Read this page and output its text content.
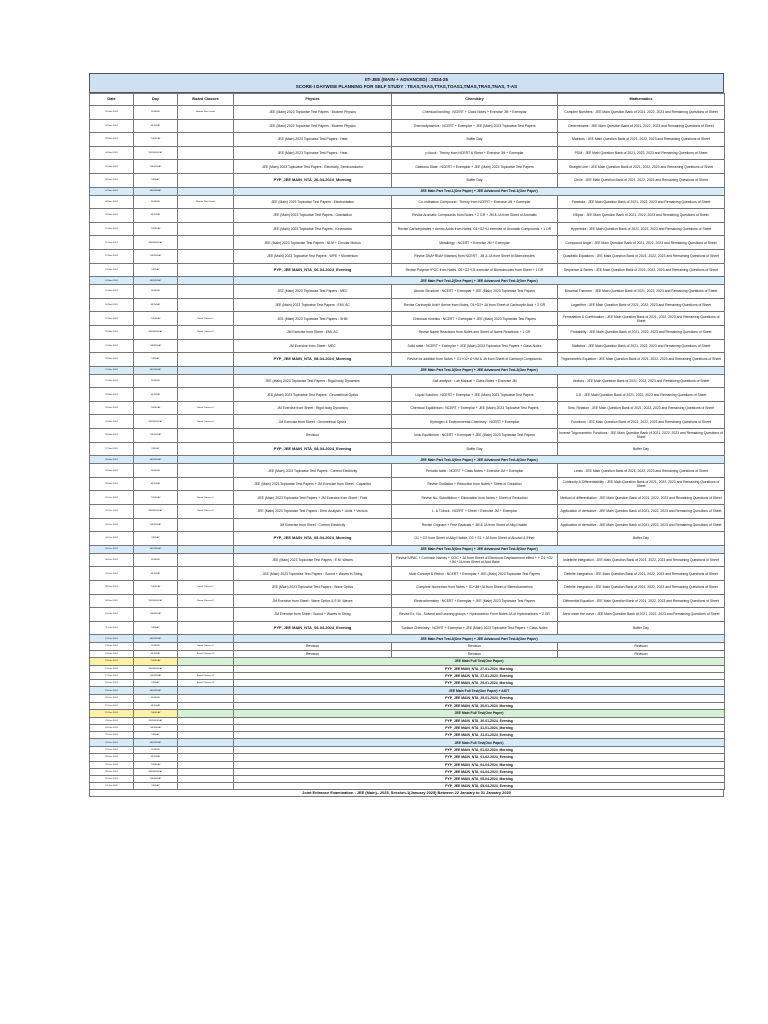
IIT-JEE (MAIN + ADVANCED) : 2024-25
SCORE-I DAYWISE PLANNING FOR SELF STUDY : TEAS,TAAS,TTAS,TOAS1,TMAS,TRAS,TNAS, T-AS
Date	Day	Board Classes	Physics	Chemistry	Mathematics
01-Nov-2024	SUNDAY	Module Wise Doubt	JEE (Main) 2023 Topicwise Test Papers : Modern Physics	Chemical bonding : NCERT + Class Notes + Exercise JM + Exemplar	Complex Numbers : JEE Main Question Bank of 2021, 2022, 2023 and Remaining Questions of Sheet
02-Nov-2024	MONDAY		JEE (Main) 2023 Topicwise Test Papers : Modern Physics	Thermodynamics : NCERT + Exemplar + JEE (Main) 2023 Topicwise Test Papers	Determinants : JEE Main Question Bank of 2021, 2022, 2023 and Remaining Questions of Sheet
03-Nov-2024	TUESDAY		JEE (Main) 2023 Topicwise Test Papers : Heat	Buffer Day	Matrices : JEE Main Question Bank of 2021, 2022, 2023 and Remaining Questions of Sheet
04-Nov-2024	WEDNESDAY		JEE (Main) 2023 Topicwise Test Papers : Heat	p-block : Theory from NCERT & Sheet + Exercise JM + Exemplar	PDM : JEE Main Question Bank of 2021, 2022, 2023 and Remaining Questions of Sheet
05-Nov-2024	THURSDAY		JEE (Main) 2023 Topicwise Test Papers : Electricity, Semiconductor	Gaseous State : NCERT + Exemplar + JEE (Main) 2023 Topicwise Test Papers	Straight Line : JEE Main Question Bank of 2021, 2022, 2023 and Remaining Questions of Sheet
06-Nov-2024	FRIDAY		PYP_JEE MAIN_NTA_26-04-2024_Morning	Buffer Day	Circle : JEE Main Question Bank of 2021, 2022, 2023 and Remaining Questions of Sheet
07-Nov-2024	SATURDAY		JEE Main Part Test-1(One Paper) + JEE Advanced Part Test-1(One Paper)		
08-Nov-2024	SUNDAY	Module Wise Doubt	JEE (Main) 2023 Topicwise Test Papers : Electrostatics	Co-ordination Compound : Theory from NCERT + Exercise JM + Exemplar	Parabola : JEE Main Question Bank of 2021, 2022, 2023 and Remaining Questions of Sheet
09-Nov-2024	MONDAY		JEE (Main) 2023 Topicwise Test Papers : Gravitation	Revise Aromatic Compounds from Notes + 2 GR + JM & JA from Sheet of Aromatic	Ellipse : JEE Main Question Bank of 2021, 2022, 2023 and Remaining Questions of Sheet
10-Nov-2024	TUESDAY		JEE (Main) 2023 Topicwise Test Papers : Kinematics	Revise Carbohydrates + Amino Acids from Notes, O1+O2+IJ exercise of Aromatic Compounds + 1 GR	Hyperbola : JEE Main Question Bank of 2021, 2022, 2023 and Remaining Questions of Sheet
11-Nov-2024	WEDNESDAY		JEE (Main) 2023 Topicwise Test Papers : NLM + Circular Motion	Metallurgy : NCERT + Exercise JM + Exemplar	Compound Angle : JEE Main Question Bank of 2021, 2022, 2023 and Remaining Questions of Sheet
12-Nov-2024	THURSDAY		JEE (Main) 2023 Topicwise Test Papers : WPE + Momentum	Revise DNA+RNA+Vitamins from NCERT , JM & JA from Sheet of Biomolecules	Quadratic Equations : JEE Main Question Bank of 2021, 2022, 2023 and Remaining Questions of Sheet
13-Nov-2024	FRIDAY		PYP_JEE MAIN_NTA_06-04-2024_Evening	Revise Polymer+POC from Notes, O1+O2+IJ1 exercise of Biomolecules from Sheet + 1 GR	Sequence & Series : JEE Main Question Bank of 2021, 2022, 2023 and Remaining Questions of Sheet
14-Nov-2024	SATURDAY		JEE Main Part Test-2(One Paper) + JEE Advanced Part Test-2(One Paper)		
15-Nov-2024	SUNDAY		JEE (Main) 2023 Topicwise Test Papers : MEC	Atomic Structure : NCERT + Exemplar + JEE (Main) 2023 Topicwise Test Papers	Binomial Theorem : JEE Main Question Bank of 2021, 2022, 2023 and Remaining Questions of Sheet
16-Nov-2024	MONDAY		JEE (Main) 2023 Topicwise Test Papers : EMI, AC	Revise Carboxylic Acid+ Amine from Notes, O1+O2+ JA from Sheet of Carboxylic Acid + 2 GR	Logarithm : JEE Main Question Bank of 2021, 2022, 2023 and Remaining Questions of Sheet
17-Nov-2024	TUESDAY	Board Classes-1	JEE (Main) 2023 Topicwise Test Papers : SHM	Chemical Kinetics : NCERT + Exemplar + JEE (Main) 2023 Topicwise Test Papers	Permutation & Combination : JEE Main Question Bank of 2021, 2022, 2023 and Remaining Questions of Sheet
18-Nov-2024	WEDNESDAY	Board Classes-2	JM Exercise from Sheet : EMI, AC	Revise Name Reactions from Notes and Sheet of Name Reactions + 1 GR	Probability : JEE Main Question Bank of 2021, 2022, 2023 and Remaining Questions of Sheet
19-Nov-2024	THURSDAY		JM Exercise from Sheet : MEC	Solid state : NCERT + Exemplar + JEE (Main) 2023 Topicwise Test Papers + Class Notes	Statistics : JEE Main Question Bank of 2021, 2022, 2023 and Remaining Questions of Sheet
20-Nov-2024	FRIDAY		PYP_JEE MAIN_NTA_08-04-2024_Morning	Revise for addition from Notes + O1+O2+IJ+JM & JA from Sheet of Carbonyl Compounds	Trigonometric Equation : JEE Main Question Bank of 2021, 2022, 2023 and Remaining Questions of Sheet
21-Nov-2024	SATURDAY		JEE Main Part Test-3(One Paper) + JEE Advanced Part Test-3(One Paper)		
22-Nov-2024	SUNDAY		JEE (Main) 2023 Topicwise Test Papers : Rigid body Dynamics	Salt analysis : Lab Manual + Class Notes + Exercise JM	Vectors : JEE Main Question Bank of 2021, 2022, 2023 and Remaining Questions of Sheet
23-Nov-2024	MONDAY		JEE (Main) 2023 Topicwise Test Papers : Geometrical Optics	Liquid Solution : NCERT + Exemplar + JEE (Main) 2023 Topicwise Test Papers	3-D : JEE Main Question Bank of 2021, 2022, 2023 and Remaining Questions of Sheet
24-Nov-2024	TUESDAY	Board Classes-3	JM Exercise from Sheet : Rigid body Dynamics	Chemical Equilibrium : NCERT + Exemplar + JEE (Main) 2023 Topicwise Test Papers	Sets, Relation : JEE Main Question Bank of 2021, 2022, 2023 and Remaining Questions of Sheet
25-Nov-2024	WEDNESDAY	Board Classes-4	JM Exercise from Sheet : Geometrical Optics	Hydrogen & Environmental Chemistry : NCERT + Exemplar	Functions : JEE Main Question Bank of 2021, 2022, 2023 and Remaining Questions of Sheet
26-Nov-2024	THURSDAY		Revision	Ionic Equilibrium : NCERT + Exemplar + JEE (Main) 2023 Topicwise Test Papers	Inverse Trigonometric Functions : JEE Main Question Bank of 2021, 2022, 2023 and Remaining Questions of Sheet
27-Nov-2024	FRIDAY		PYP_JEE MAIN_NTA_08-04-2024_Evening	Buffer Day	Buffer Day
28-Nov-2024	SATURDAY		JEE Main Part Test-4(One Paper) + JEE Advanced Part Test-4(One Paper)		
29-Nov-2024	SUNDAY		JEE (Main) 2023 Topicwise Test Papers : Current Electricity	Periodic table : NCERT + Class Notes + Exercise JM + Exemplar	Limits : JEE Main Question Bank of 2021, 2022, 2023 and Remaining Questions of Sheet
30-Nov-2024	MONDAY		JEE (Main) 2023 Topicwise Test Papers + JM Exercise from Sheet : Capacitor	Revise Oxidation + Reduction from Notes + Sheet of Oxidation	Continuity & Differentiability : JEE Main Question Bank of 2021, 2022, 2023 and Remaining Questions of Sheet
01-Dec-2024	TUESDAY	Board Classes-5	JEE (Main) 2023 Topicwise Test Papers + JM Exercise from Sheet : Fluid	Revise Nu- Substitution + Elimination from Notes + Sheet of Reduction	Method of differentiation : JEE Main Question Bank of 2021, 2022, 2023 and Remaining Questions of Sheet
02-Dec-2024	WEDNESDAY	Board Classes-6	JEE (Main) 2023 Topicwise Test Papers : Error Analysis + Units + Vectors	L. & T.block : NCERT + Sheet + Exercise JM + Exemplar	Application of derivative : JEE Main Question Bank of 2021, 2022, 2023 and Remaining Questions of Sheet
03-Dec-2024	THURSDAY		JM Exercise from Sheet : Current Electricity	Revise Grignard + Free Radicals + JM & JA from Sheet of Alkyl Halide	Application of derivative : JEE Main Question Bank of 2021, 2022, 2023 and Remaining Questions of Sheet
04-Dec-2024	FRIDAY		PYP_JEE MAIN_NTA_09-04-2024_Morning	O1 + O2 from Sheet of Alkyl Halide, O2 + S1 + JA from Sheet of Alcohol & Ether	Buffer Day
05-Dec-2024	SATURDAY		JEE Main Part Test-5(One Paper) + JEE Advanced Part Test-5(One Paper)		
06-Dec-2024	SUNDAY		JEE (Main) 2023 Topicwise Test Papers : E.M. Waves	Revise IUPAC + Common Names + GOC + JA from Sheet of Electronic Displacement effect + + O1 +O2 +JM +JA from Sheet of Acid Base	Indefinite integration : JEE Main Question Bank of 2021, 2022, 2023 and Remaining Questions of Sheet
07-Dec-2024	MONDAY		JEE (Main) 2023 Topicwise Test Papers : Sound + Waves in String	Mole Concept & Redox : NCERT + Exemplar + JEE (Main) 2023 Topicwise Test Papers	Definite Integration : JEE Main Question Bank of 2021, 2022, 2023 and Remaining Questions of Sheet
08-Dec-2024	TUESDAY	Board Classes-7	JEE (Main) 2023 Topicwise Test Papers : Wave Optics	Complete Isomerism from Notes + S1+JM+JA from Sheet of Stereoisomerism	Definite Integration : JEE Main Question Bank of 2021, 2022, 2023 and Remaining Questions of Sheet
09-Dec-2024	WEDNESDAY	Board Classes-8	JM Exercise from Sheet : Wave Optics & E.M. Waves	Electrochemistry : NCERT + Exemplar + JEE (Main) 2023 Topicwise Test Papers	Differential Equation : JEE Main Question Bank of 2021, 2022, 2023 and Remaining Questions of Sheet
10-Dec-2024	THURSDAY		JM Exercise from Sheet : Sound + Waves in String	Revise Ex, Nu-, Solvent and Leaving groups + Hydrocarbon From Notes JA of Hydrocarbons + 2 GR	Area under the curve : JEE Main Question Bank of 2021, 2022, 2023 and Remaining Questions of Sheet
11-Dec-2024	FRIDAY		PYP_JEE MAIN_NTA_09-04-2024_Evening	Surface Chemistry : NCERT + Exemplar + JEE (Main) 2023 Topicwise Test Papers + Class Notes	Buffer Day
12-Dec-2024	SATURDAY		JEE Main Part Test-6(One Paper) + JEE Advanced Part Test-6(One Paper)		
13-Dec-2024	SUNDAY	Board Classes-9	Revision	Revision	Revision
14-Dec-2024	MONDAY	Board Classes-10	Revision	Revision	Revision
15-Dec-2024	TUESDAY		JEE Main Full Test(One Paper)		
16-Dec-2024	WEDNESDAY		PYP_JEE MAIN_NTA_27-01-2024_Morning		
17-Dec-2024	THURSDAY	Board Classes-11	PYP_JEE MAIN_NTA_27-01-2024_Evening		
18-Dec-2024	FRIDAY	Board Classes-12	PYP_JEE MAIN_NTA_29-01-2024_Morning		
19-Dec-2024	SATURDAY		JEE Main Full Test(One Paper) + AIOT		
20-Dec-2024	SUNDAY		PYP_JEE MAIN_NTA_29-01-2024_Evening		
21-Dec-2024	MONDAY		PYP_JEE MAIN_NTA_30-01-2024_Morning		
22-Dec-2024	TUESDAY		JEE Main Full Test(One Paper)		
23-Dec-2024	WEDNESDAY		PYP_JEE MAIN_NTA_30-01-2024_Evening		
24-Dec-2024	THURSDAY		PYP_JEE MAIN_NTA_31-01-2024_Morning		
25-Dec-2024	FRIDAY		PYP_JEE MAIN_NTA_31-01-2024_Evening		
26-Dec-2024	SATURDAY		JEE Main Full Test(One Paper)		
27-Dec-2024	SUNDAY		PYP_JEE MAIN_NTA_01-02-2024_Morning		
28-Dec-2024	MONDAY		PYP_JEE MAIN_NTA_01-02-2024_Evening		
29-Dec-2024	TUESDAY		PYP_JEE MAIN_NTA_04-04-2024_Morning		
30-Dec-2024	WEDNESDAY		PYP_JEE MAIN_NTA_04-04-2024_Evening		
31-Dec-2024	THURSDAY		PYP_JEE MAIN_NTA_05-04-2024_Morning		
01-Jan-2025	FRIDAY		PYP_JEE MAIN_NTA_05-04-2024_Evening		
Joint Entrance Examination : JEE (Main)– 2025, Session-1(January 2025) Between 22 January to 31 January 2025
